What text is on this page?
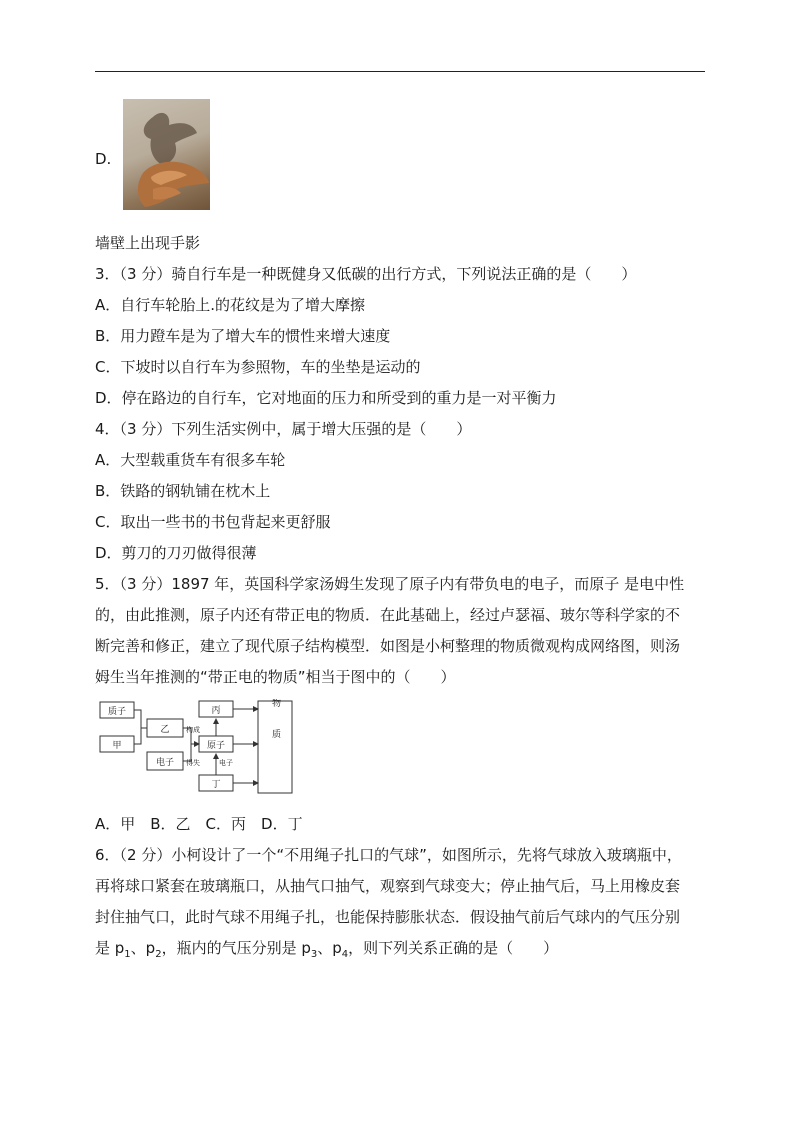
D.
墙壁上出现手影
3．（3 分）骑自行车是一种既健身又低碳的出行方式，下列说法正确的是（　　）
A．自行车轮胎上.的花纹是为了增大摩擦
B．用力蹬车是为了增大车的惯性来增大速度
C．下坡时以自行车为参照物，车的坐垫是运动的
D．停在路边的自行车，它对地面的压力和所受到的重力是一对平衡力
4．（3 分）下列生活实例中，属于增大压强的是（　　）
A．大型载重货车有很多车轮
B．铁路的钢轨铺在枕木上
C．取出一些书的书包背起来更舒服
D．剪刀的刀刃做得很薄
5．（3 分）1897 年，英国科学家汤姆生发现了原子内有带负电的电子，而原子 是电中性
的，由此推测，原子内还有带正电的物质．在此基础上，经过卢瑟福、玻尔等科学家的不
断完善和修正，建立了现代原子结构模型．如图是小柯整理的物质微观构成网络图，则汤
姆生当年推测的“带正电的物质”相当于图中的（　　）
质子
甲
乙
电子
丙
原子
丁
物质
构成
得失	电子
A．甲　B．乙　C．丙　D．丁
6．（2 分）小柯设计了一个“不用绳子扎口的气球”，如图所示，先将气球放入玻璃瓶中，
再将球口紧套在玻璃瓶口，从抽气口抽气，观察到气球变大；停止抽气后，马上用橡皮套
封住抽气口，此时气球不用绳子扎，也能保持膨胀状态．假设抽气前后气球内的气压分别
是 $p_1$、$p_2$，瓶内的气压分别是 $p_3$、$p_4$，则下列关系正确的是（　　）
